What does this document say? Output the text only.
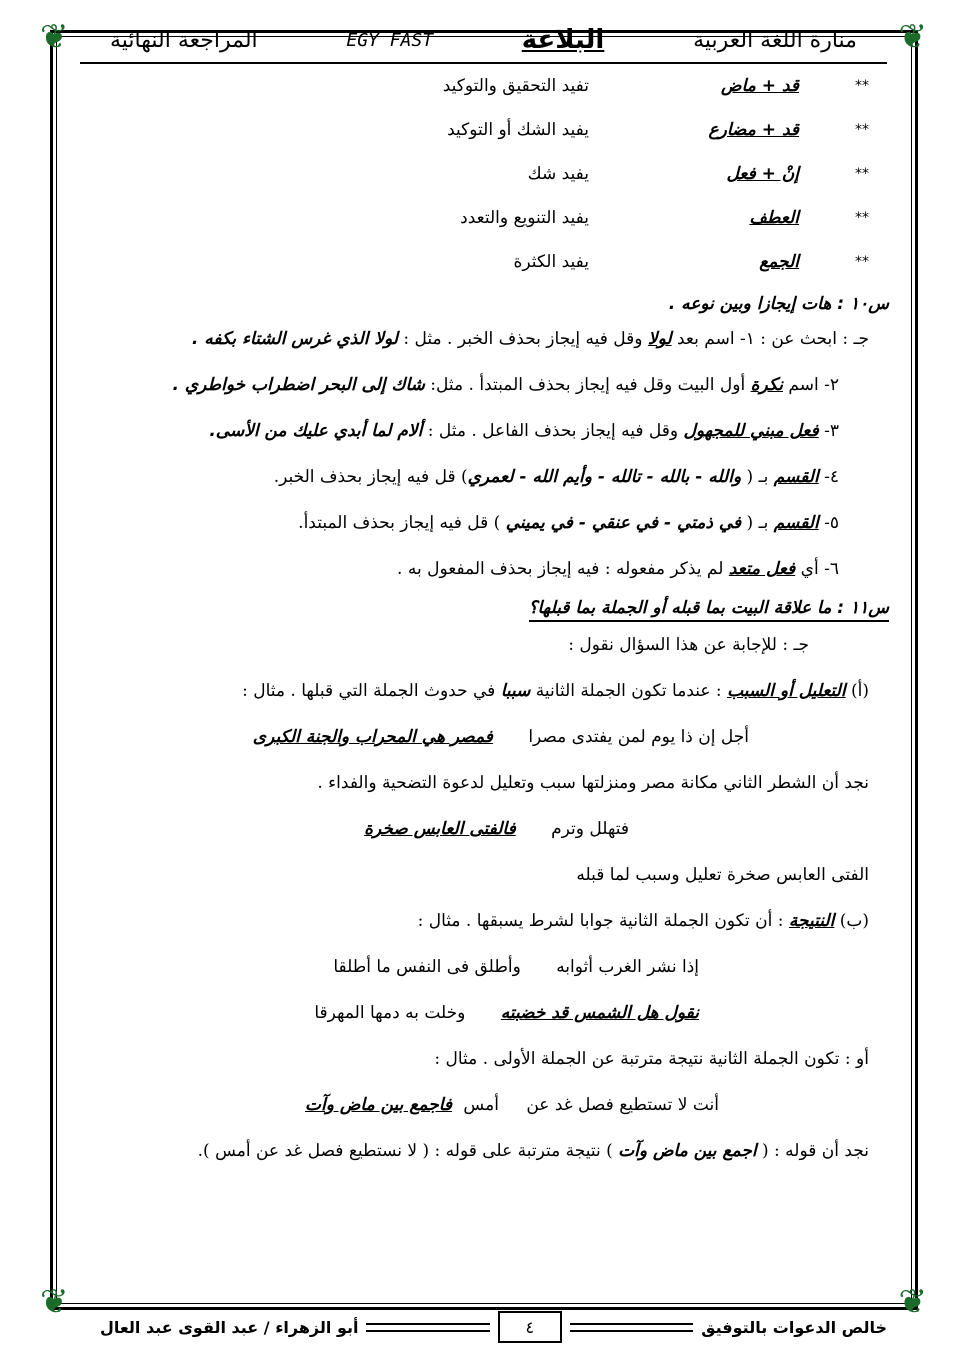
❦	❦
❦	❦
المراجعة النهائية	EGY FAST	البلاغة	منارة اللغة العربية
**
قد + ماض
تفيد التحقيق والتوكيد
**
قد + مضارع
يفيد الشك أو التوكيد
**
إنْ + فعل
يفيد شك
**
العطف
يفيد التنويع والتعدد
**
الجمع
يفيد الكثرة
س١٠ : هات إيجازا وبين نوعه .
جـ : ابحث عن : ١- اسم بعد لولا وقل فيه إيجاز بحذف الخبر . مثل : لولا الذي غرس الشتاء بكفه .
٢- اسم نكرة أول البيت وقل فيه إيجاز بحذف المبتدأ . مثل: شاك إلى البحر اضطراب خواطري .
٣- فعل مبني للمجهول وقل فيه إيجاز بحذف الفاعل . مثل : ألام لما أبدي عليك من الأسى.
٤- القسم بـ ( والله - بالله - تالله - وأيم الله - لعمري) قل فيه إيجاز بحذف الخبر.
٥- القسم بـ ( في ذمتي - في عنقي - في يميني ) قل فيه إيجاز بحذف المبتدأ.
٦- أي فعل متعد لم يذكر مفعوله : فيه إيجاز بحذف المفعول به .
س١١ : ما علاقة البيت بما قبله أو الجملة بما قبلها؟
جـ : للإجابة عن هذا السؤال نقول :
(أ) التعليل أو السبب : عندما تكون الجملة الثانية سببا في حدوث الجملة التي قبلها . مثال :
أجل إن ذا يوم لمن يفتدى مصرا فمصر هي المحراب والجنة الكبرى
نجد أن الشطر الثاني مكانة مصر ومنزلتها سبب وتعليل لدعوة التضحية والفداء .
فتهلل وترم فالفتى العابس صخرة
الفتى العابس صخرة تعليل وسبب لما قبله
(ب) النتيجة : أن تكون الجملة الثانية جوابا لشرط يسبقها . مثال :
إذا نشر الغرب أثوابه وأطلق فى النفس ما أطلقا
نقول هل الشمس قد خضبته وخلت به دمها المهرقا
أو : تكون الجملة الثانية نتيجة مترتبة عن الجملة الأولى . مثال :
أنت لا تستطيع فصل غد عن أمس فاجمع بين ماض وآت
نجد أن قوله : ( اجمع بين ماض وآت ) نتيجة مترتبة على قوله : ( لا نستطيع فصل غد عن أمس ).
أبو الزهراء / عبد القوى عبد العال	٤	خالص الدعوات بالتوفيق
